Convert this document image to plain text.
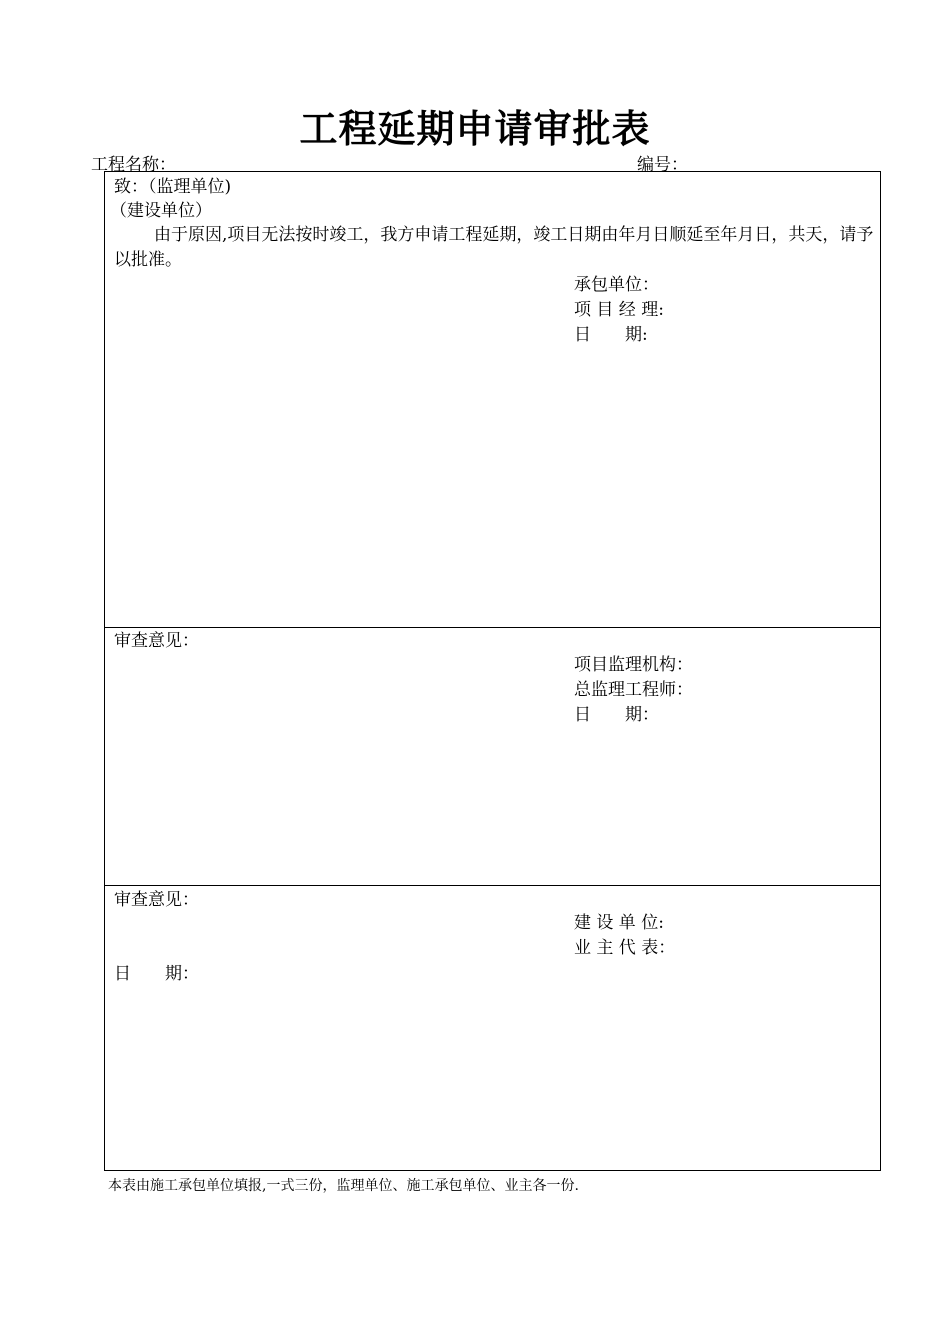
工程延期申请审批表
工程名称：	编号：
致：（监理单位)
（建设单位）
由于原因,项目无法按时竣工，我方申请工程延期，竣工日期由年月日顺延至年月日，共天，请予以批准。
承包单位：
项 目 经 理:
日　　期:
审查意见：
项目监理机构：
总监理工程师：
日　　期：
审查意见：
建 设 单 位:
业 主 代 表：
日　　期：
本表由施工承包单位填报,一式三份，监理单位、施工承包单位、业主各一份.
